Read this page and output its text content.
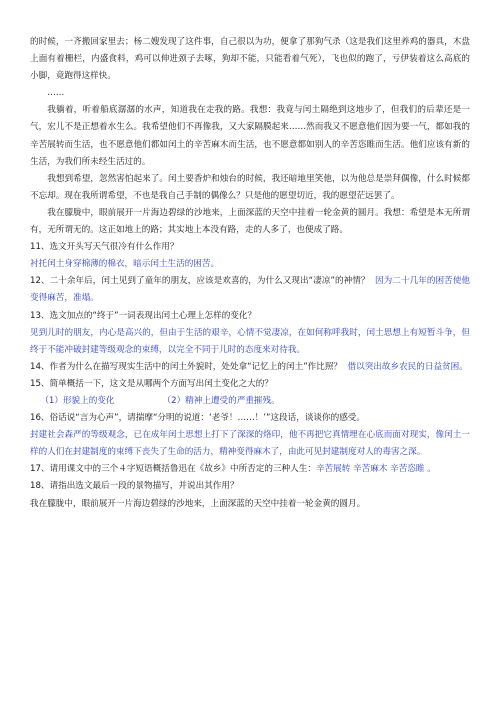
的时候，一齐搬回家里去；杨二嫂发现了这件事，自己很以为功，便拿了那狗气杀（这是我们这里养鸡的器具，木盘上面有着栅栏，内盛食料，鸡可以伸进颈子去啄，狗却不能，只能看着气死），飞也似的跑了，亏伊装着这么高底的小脚，竟跑得这样快。

……

我躺着，听着船底潺潺的水声，知道我在走我的路。我想：我竟与闰土隔绝到这地步了，但我们的后辈还是一气，宏儿不是正想着水生么。我希望他们不再像我，又大家隔膜起来……然而我又不愿意他们因为要一气，都如我的辛苦展转而生活，也不愿意他们都如闰土的辛苦麻木而生活，也不愿意都如别人的辛苦恣睢而生活。他们应该有新的生活，为我们所未经生活过的。

我想到希望，忽然害怕起来了。闰土要香炉和烛台的时候，我还暗地里笑他，以为他总是崇拜偶像，什么时候都不忘却。现在我所谓希望，不也是我自己手制的偶像么？只是他的愿望切近，我的愿望茫远罢了。

我在朦胧中，眼前展开一片海边碧绿的沙地来，上面深蓝的天空中挂着一轮金黄的圆月。我想：希望是本无所谓有，无所谓无的。这正如地上的路；其实地上本没有路，走的人多了，也便成了路。

11、选文开头写天气很冷有什么作用？

衬托闰土身穿棉薄的棉衣，暗示闰土生活的困苦。

12、二十余年后，闰土见到了童年的朋友，应该是欢喜的，为什么又现出“凄凉”的神情？ 因为二十几年的困苦使他变得麻苦，准塌。

13、选文加点的“终于”一词表现出闰土心理上怎样的变化？

见到儿时的朋友，内心是高兴的，但由于生活的艰辛，心情不觉凄凉，在如何称呼我时，闰土思想上有短暂斗争，但终于不能冲破封建等级观念的束缚，以完全不同于儿时的态度来对待我。

14、作者为什么在描写现实生活中的闰土外貌时，处处拿“记忆上的闰土”作比照？ 借以突出故乡农民的日益贫困。

15、简单概括一下，这文是从哪两个方面写出闰土变化之大的？

（1）形貌上的变化	（2）精神上遭受的严重摧残。

16、俗话说“言为心声”，请揣摩“分明的说道：‘老爷！……！’”这段话，谈谈你的感受。

封建社会森严的等级观念，已在成年闰土思想上打下了深深的烙印，他不再把它真情埋在心底而面对现实，像闰土一样的人们在封建制度的束缚下丧失了生命的活力，精神变得麻木了，由此可见封建制度对人的毒害之深。

17、请用课文中的三个４字短语概括鲁迅在《故乡》中所否定的三种人生：辛苦展转 辛苦麻木 辛苦恣睢 。

18、请指出选文最后一段的景物描写，并说出其作用？

我在朦胧中，眼前展开一片海边碧绿的沙地来，上面深蓝的天空中挂着一轮金黄的圆月。
